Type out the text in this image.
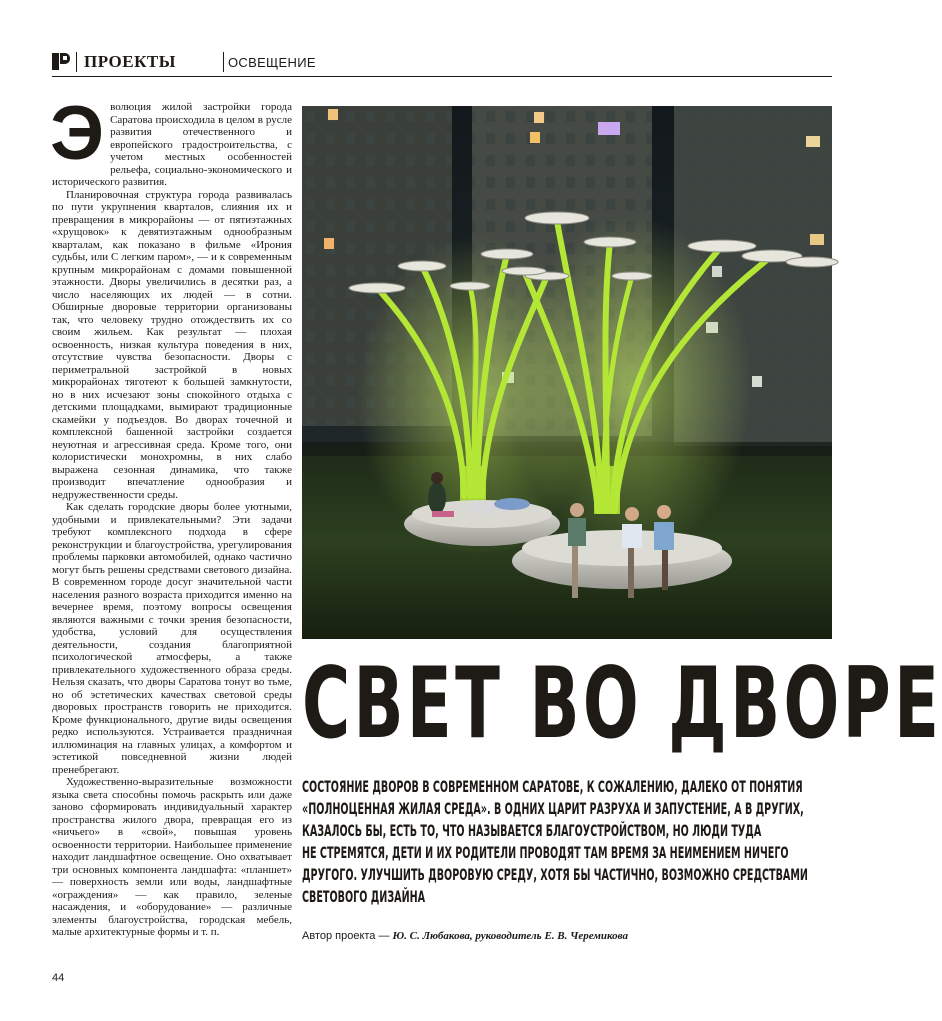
ПРОЕКТЫ	ОСВЕЩЕНИЕ

Эволюция жилой застройки города Саратова происходила в целом в русле развития отечественного и европейского градостроительства, с учетом местных особенностей рельефа, социально-экономического и исторического развития.

Планировочная структура города развивалась по пути укрупнения кварталов, слияния их и превращения в микрорайоны — от пятиэтажных «хрущовок» к девятиэтажным однообразным кварталам, как показано в фильме «Ирония судьбы, или С легким паром», — и к современным крупным микрорайонам с домами повышенной этажности. Дворы увеличились в десятки раз, а число населяющих их людей — в сотни. Обширные дворовые территории организованы так, что человеку трудно отождествить их со своим жильем. Как результат — плохая освоенность, низкая культура поведения в них, отсутствие чувства безопасности. Дворы с периметральной застройкой в новых микрорайонах тяготеют к большей замкнутости, но в них исчезают зоны спокойного отдыха с детскими площадками, вымирают традиционные скамейки у подъездов. Во дворах точечной и комплексной башенной застройки создается неуютная и агрессивная среда. Кроме того, они колористически монохромны, в них слабо выражена сезонная динамика, что также производит впечатление однообразия и недружественности среды.

Как сделать городские дворы более уютными, удобными и привлекательными? Эти задачи требуют комплексного подхода в сфере реконструкции и благоустройства, урегулирования проблемы парковки автомобилей, однако частично могут быть решены средствами светового дизайна. В современном городе досуг значительной части населения разного возраста приходится именно на вечернее время, поэтому вопросы освещения являются важными с точки зрения безопасности, удобства, условий для осуществления деятельности, создания благоприятной психологической атмосферы, а также привлекательного художественного образа среды. Нельзя сказать, что дворы Саратова тонут во тьме, но об эстетических качествах световой среды дворовых пространств говорить не приходится. Кроме функционального, другие виды освещения редко используются. Устраивается праздничная иллюминация на главных улицах, а комфортом и эстетикой повседневной жизни людей пренебрегают.

Художественно-выразительные возможности языка света способны помочь раскрыть или даже заново сформировать индивидуальный характер пространства жилого двора, превращая его из «ничьего» в «свой», повышая уровень освоенности территории. Наибольшее применение находит ландшафтное освещение. Оно охватывает три основных компонента ландшафта: «планшет» — поверхность земли или воды, ландшафтные «ограждения» — как правило, зеленые насаждения, и «оборудование» — различные элементы благоустройства, городская мебель, малые архитектурные формы и т. п.

СВЕТ ВО ДВОРЕ
СОСТОЯНИЕ ДВОРОВ В СОВРЕМЕННОМ САРАТОВЕ, К СОЖАЛЕНИЮ, ДАЛЕКО ОТ ПОНЯТИЯ
«ПОЛНОЦЕННАЯ ЖИЛАЯ СРЕДА». В ОДНИХ ЦАРИТ РАЗРУХА И ЗАПУСТЕНИЕ, А В ДРУГИХ,
КАЗАЛОСЬ БЫ, ЕСТЬ ТО, ЧТО НАЗЫВАЕТСЯ БЛАГОУСТРОЙСТВОМ, НО ЛЮДИ ТУДА
НЕ СТРЕМЯТСЯ, ДЕТИ И ИХ РОДИТЕЛИ ПРОВОДЯТ ТАМ ВРЕМЯ ЗА НЕИМЕНИЕМ НИЧЕГО
ДРУГОГО. УЛУЧШИТЬ ДВОРОВУЮ СРЕДУ, ХОТЯ БЫ ЧАСТИЧНО, ВОЗМОЖНО СРЕДСТВАМИ
СВЕТОВОГО ДИЗАЙНА
Автор проекта — Ю. С. Любакова, руководитель Е. В. Черемикова
44
